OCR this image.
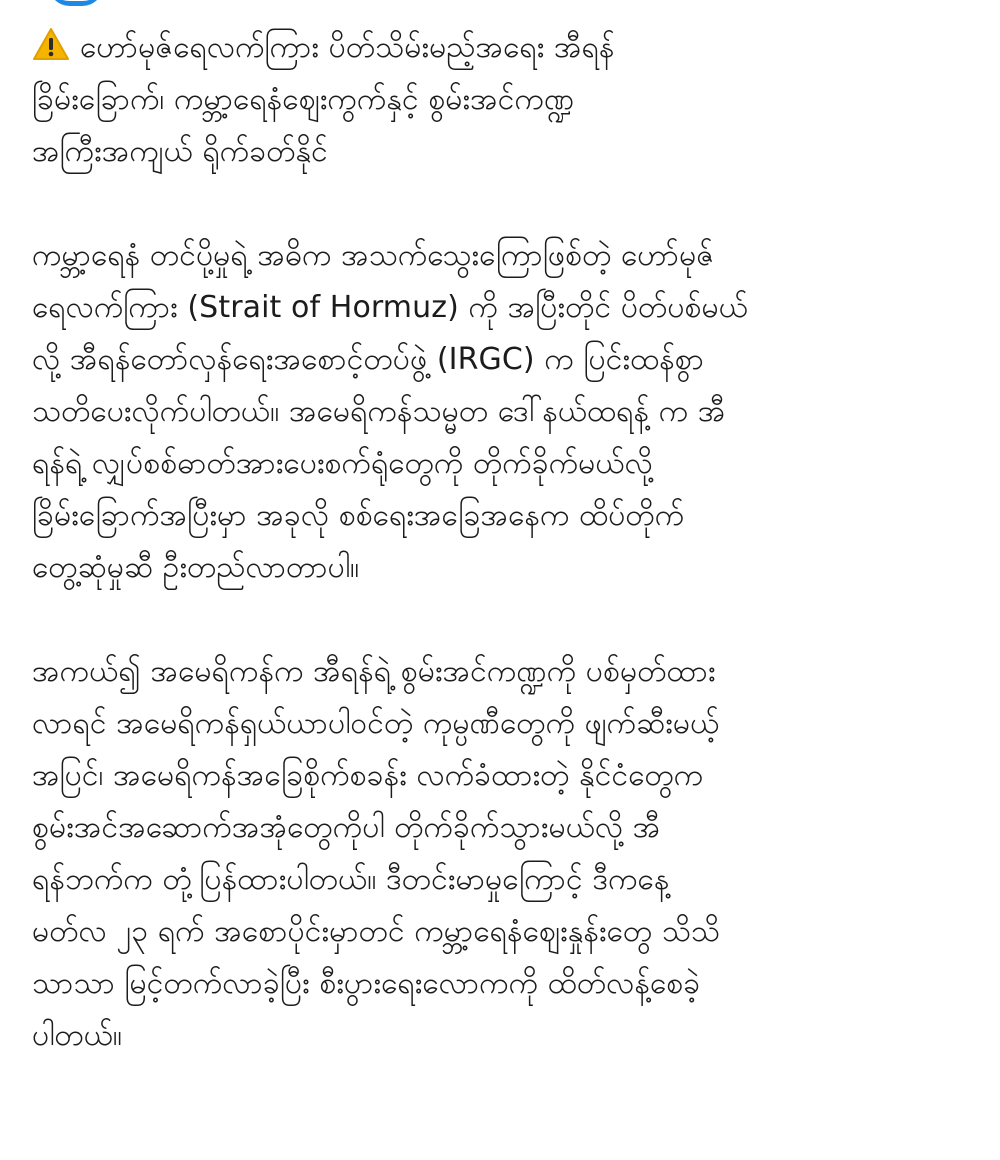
ဟော်မုဇ်ရေလက်ကြား ပိတ်သိမ်းမည့်အရေး အီရန်

ခြိမ်းခြောက်၊ ကမ္ဘာ့ရေနံဈေးကွက်နှင့် စွမ်းအင်ကဏ္ဍ
အကြီးအကျယ် ရိုက်ခတ်နိုင်

ကမ္ဘာ့ရေနံ တင်ပို့မှုရဲ့ အဓိက အသက်သွေးကြောဖြစ်တဲ့ ဟော်မုဇ်
ရေလက်ကြား (Strait of Hormuz) ကို အပြီးတိုင် ပိတ်ပစ်မယ်
လို့ အီရန်တော်လှန်ရေးအစောင့်တပ်ဖွဲ့ (IRGC) က ပြင်းထန်စွာ
သတိပေးလိုက်ပါတယ်။ အမေရိကန်သမ္မတ ဒေါ်နယ်ထရန့် က အီ
ရန်ရဲ့ လျှပ်စစ်ဓာတ်အားပေးစက်ရုံတွေကို တိုက်ခိုက်မယ်လို့
ခြိမ်းခြောက်အပြီးမှာ အခုလို စစ်ရေးအခြေအနေက ထိပ်တိုက်
တွေ့ဆုံမှုဆီ ဦးတည်လာတာပါ။

အကယ်၍ အမေရိကန်က အီရန်ရဲ့ စွမ်းအင်ကဏ္ဍကို ပစ်မှတ်ထား
လာရင် အမေရိကန်ရှယ်ယာပါဝင်တဲ့ ကုမ္ပဏီတွေကို ဖျက်ဆီးမယ့်
အပြင်၊ အမေရိကန်အခြေစိုက်စခန်း လက်ခံထားတဲ့ နိုင်ငံတွေက
စွမ်းအင်အဆောက်အအုံတွေကိုပါ တိုက်ခိုက်သွားမယ်လို့ အီ
ရန်ဘက်က တုံ့ပြန်ထားပါတယ်။ ဒီတင်းမာမှုကြောင့် ဒီကနေ့
မတ်လ ၂၃ ရက် အစောပိုင်းမှာတင် ကမ္ဘာ့ရေနံဈေးနှုန်းတွေ သိသိ
သာသာ မြင့်တက်လာခဲ့ပြီး စီးပွားရေးလောကကို ထိတ်လန့်စေခဲ့
ပါတယ်။
